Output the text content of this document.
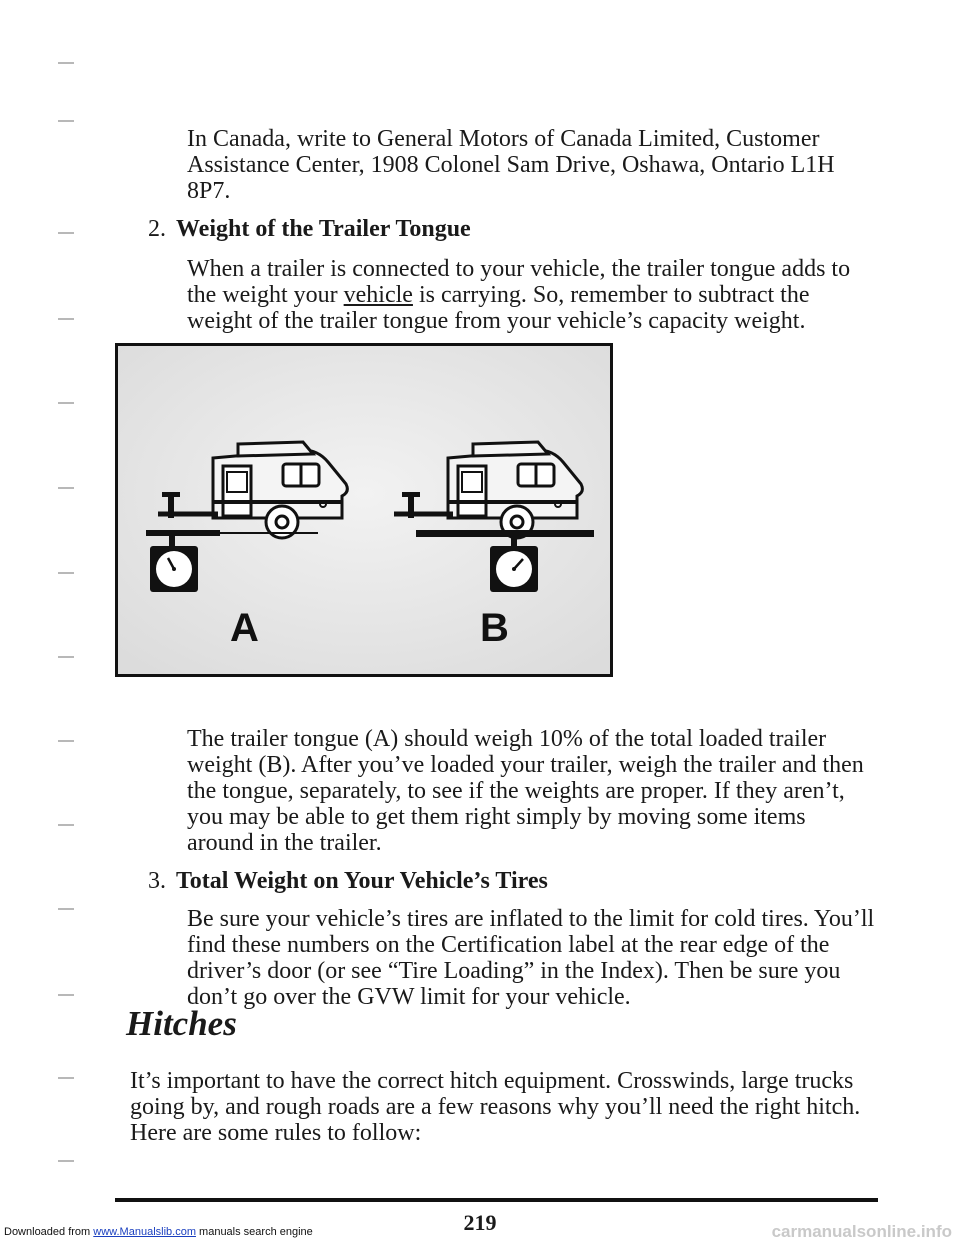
In Canada, write to General Motors of Canada Limited, Customer Assistance Center, 1908 Colonel Sam Drive, Oshawa, Ontario L1H 8P7.

2. Weight of the Trailer Tongue

When a trailer is connected to your vehicle, the trailer tongue adds to the weight your vehicle is carrying. So, remember to subtract the weight of the trailer tongue from your vehicle’s capacity weight.

A	B

The trailer tongue (A) should weigh 10% of the total loaded trailer weight (B). After you’ve loaded your trailer, weigh the trailer and then the tongue, separately, to see if the weights are proper. If they aren’t, you may be able to get them right simply by moving some items around in the trailer.

3. Total Weight on Your Vehicle’s Tires

Be sure your vehicle’s tires are inflated to the limit for cold tires. You’ll find these numbers on the Certification label at the rear edge of the driver’s door (or see “Tire Loading” in the Index). Then be sure you don’t go over the GVW limit for your vehicle.

Hitches

It’s important to have the correct hitch equipment. Crosswinds, large trucks going by, and rough roads are a few reasons why you’ll need the right hitch. Here are some rules to follow:

219
Downloaded from www.Manualslib.com manuals search engine	carmanualsonline.info
